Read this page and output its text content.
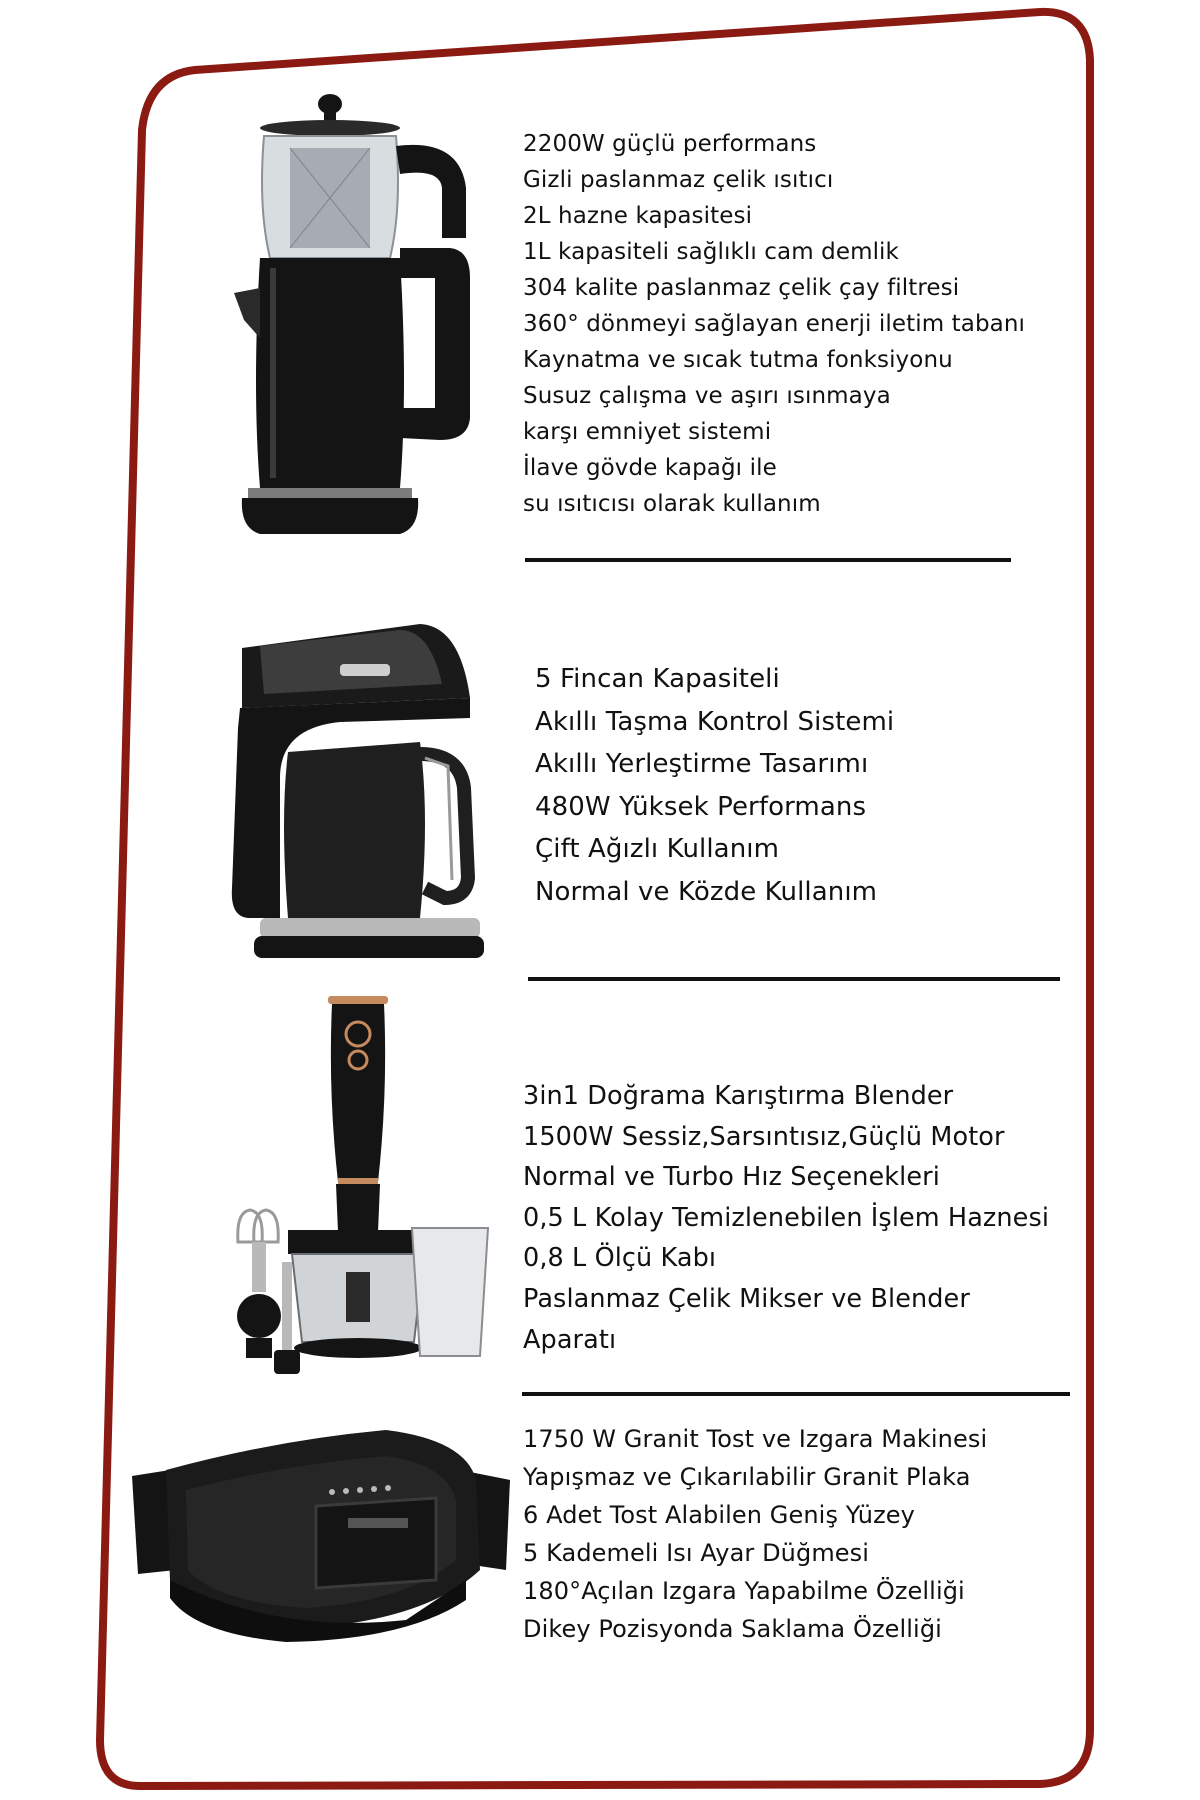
2200W güçlü performans
Gizli paslanmaz çelik ısıtıcı
2L hazne kapasitesi
1L kapasiteli sağlıklı cam demlik
304 kalite paslanmaz çelik çay filtresi
360° dönmeyi sağlayan enerji iletim tabanı
Kaynatma ve sıcak tutma fonksiyonu
Susuz çalışma ve aşırı ısınmaya
karşı emniyet sistemi
İlave gövde kapağı ile
su ısıtıcısı olarak kullanım
5 Fincan Kapasiteli
Akıllı Taşma Kontrol Sistemi
Akıllı Yerleştirme Tasarımı
480W Yüksek Performans
Çift Ağızlı Kullanım
Normal ve Közde Kullanım
3in1 Doğrama Karıştırma Blender
1500W Sessiz,Sarsıntısız,Güçlü Motor
Normal ve Turbo Hız Seçenekleri
0,5 L Kolay Temizlenebilen İşlem Haznesi
0,8 L Ölçü Kabı
Paslanmaz Çelik Mikser ve Blender
Aparatı
1750 W Granit Tost ve Izgara Makinesi
Yapışmaz ve Çıkarılabilir Granit Plaka
6 Adet Tost Alabilen Geniş Yüzey
5 Kademeli Isı Ayar Düğmesi
180°Açılan Izgara Yapabilme Özelliği
Dikey Pozisyonda Saklama Özelliği
